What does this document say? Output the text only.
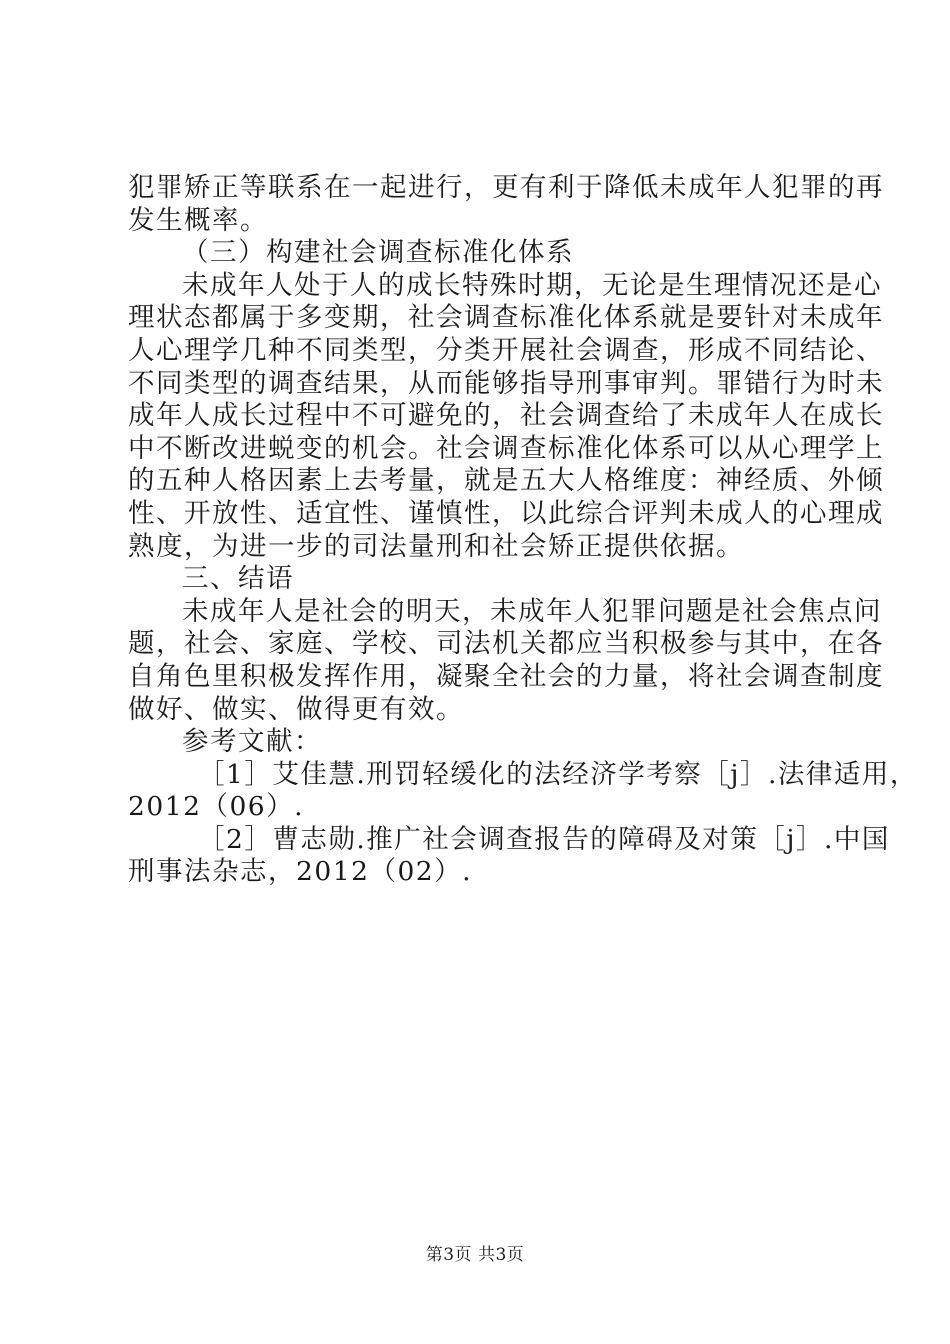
犯罪矫正等联系在一起进行，更有利于降低未成年人犯罪的再
发生概率。
（三）构建社会调查标准化体系
未成年人处于人的成长特殊时期，无论是生理情况还是心
理状态都属于多变期，社会调查标准化体系就是要针对未成年
人心理学几种不同类型，分类开展社会调查，形成不同结论、
不同类型的调查结果，从而能够指导刑事审判。罪错行为时未
成年人成长过程中不可避免的，社会调查给了未成年人在成长
中不断改进蜕变的机会。社会调查标准化体系可以从心理学上
的五种人格因素上去考量，就是五大人格维度：神经质、外倾
性、开放性、适宜性、谨慎性，以此综合评判未成人的心理成
熟度，为进一步的司法量刑和社会矫正提供依据。
三、结语
未成年人是社会的明天，未成年人犯罪问题是社会焦点问
题，社会、家庭、学校、司法机关都应当积极参与其中，在各
自角色里积极发挥作用，凝聚全社会的力量，将社会调查制度
做好、做实、做得更有效。
参考文献：
［1］艾佳慧.刑罚轻缓化的法经济学考察［j］.法律适用，
2012（06）.
［2］曹志勋.推广社会调查报告的障碍及对策［j］.中国
刑事法杂志，2012（02）.
第3页 共3页
